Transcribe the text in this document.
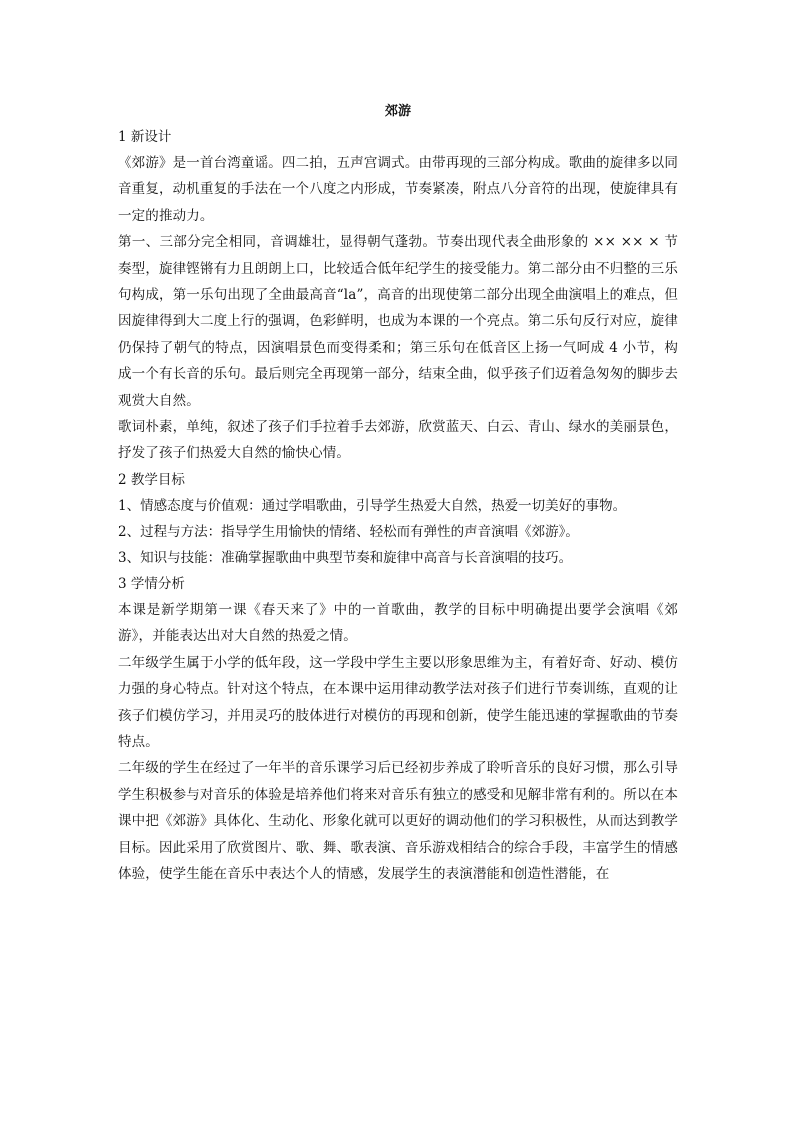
郊游
1 新设计

《郊游》是一首台湾童谣。四二拍，五声宫调式。由带再现的三部分构成。歌曲的旋律多以同音重复，动机重复的手法在一个八度之内形成，节奏紧凑，附点八分音符的出现，使旋律具有一定的推动力。

第一、三部分完全相同，音调雄壮，显得朝气蓬勃。节奏出现代表全曲形象的 ×× ×× × 节奏型，旋律铿锵有力且朗朗上口，比较适合低年纪学生的接受能力。第二部分由不归整的三乐句构成，第一乐句出现了全曲最高音“la”，高音的出现使第二部分出现全曲演唱上的难点，但因旋律得到大二度上行的强调，色彩鲜明，也成为本课的一个亮点。第二乐句反行对应，旋律仍保持了朝气的特点，因演唱景色而变得柔和；第三乐句在低音区上扬一气呵成 4 小节，构成一个有长音的乐句。最后则完全再现第一部分，结束全曲，似乎孩子们迈着急匆匆的脚步去观赏大自然。

歌词朴素，单纯，叙述了孩子们手拉着手去郊游，欣赏蓝天、白云、青山、绿水的美丽景色，抒发了孩子们热爱大自然的愉快心情。

2 教学目标

1、情感态度与价值观：通过学唱歌曲，引导学生热爱大自然，热爱一切美好的事物。

2、过程与方法：指导学生用愉快的情绪、轻松而有弹性的声音演唱《郊游》。

3、知识与技能：准确掌握歌曲中典型节奏和旋律中高音与长音演唱的技巧。

3 学情分析

本课是新学期第一课《春天来了》中的一首歌曲，教学的目标中明确提出要学会演唱《郊游》，并能表达出对大自然的热爱之情。

二年级学生属于小学的低年段，这一学段中学生主要以形象思维为主，有着好奇、好动、模仿力强的身心特点。针对这个特点，在本课中运用律动教学法对孩子们进行节奏训练，直观的让孩子们模仿学习，并用灵巧的肢体进行对模仿的再现和创新，使学生能迅速的掌握歌曲的节奏特点。

二年级的学生在经过了一年半的音乐课学习后已经初步养成了聆听音乐的良好习惯，那么引导学生积极参与对音乐的体验是培养他们将来对音乐有独立的感受和见解非常有利的。所以在本课中把《郊游》具体化、生动化、形象化就可以更好的调动他们的学习积极性，从而达到教学目标。因此采用了欣赏图片、歌、舞、歌表演、音乐游戏相结合的综合手段，丰富学生的情感体验，使学生能在音乐中表达个人的情感，发展学生的表演潜能和创造性潜能，在
